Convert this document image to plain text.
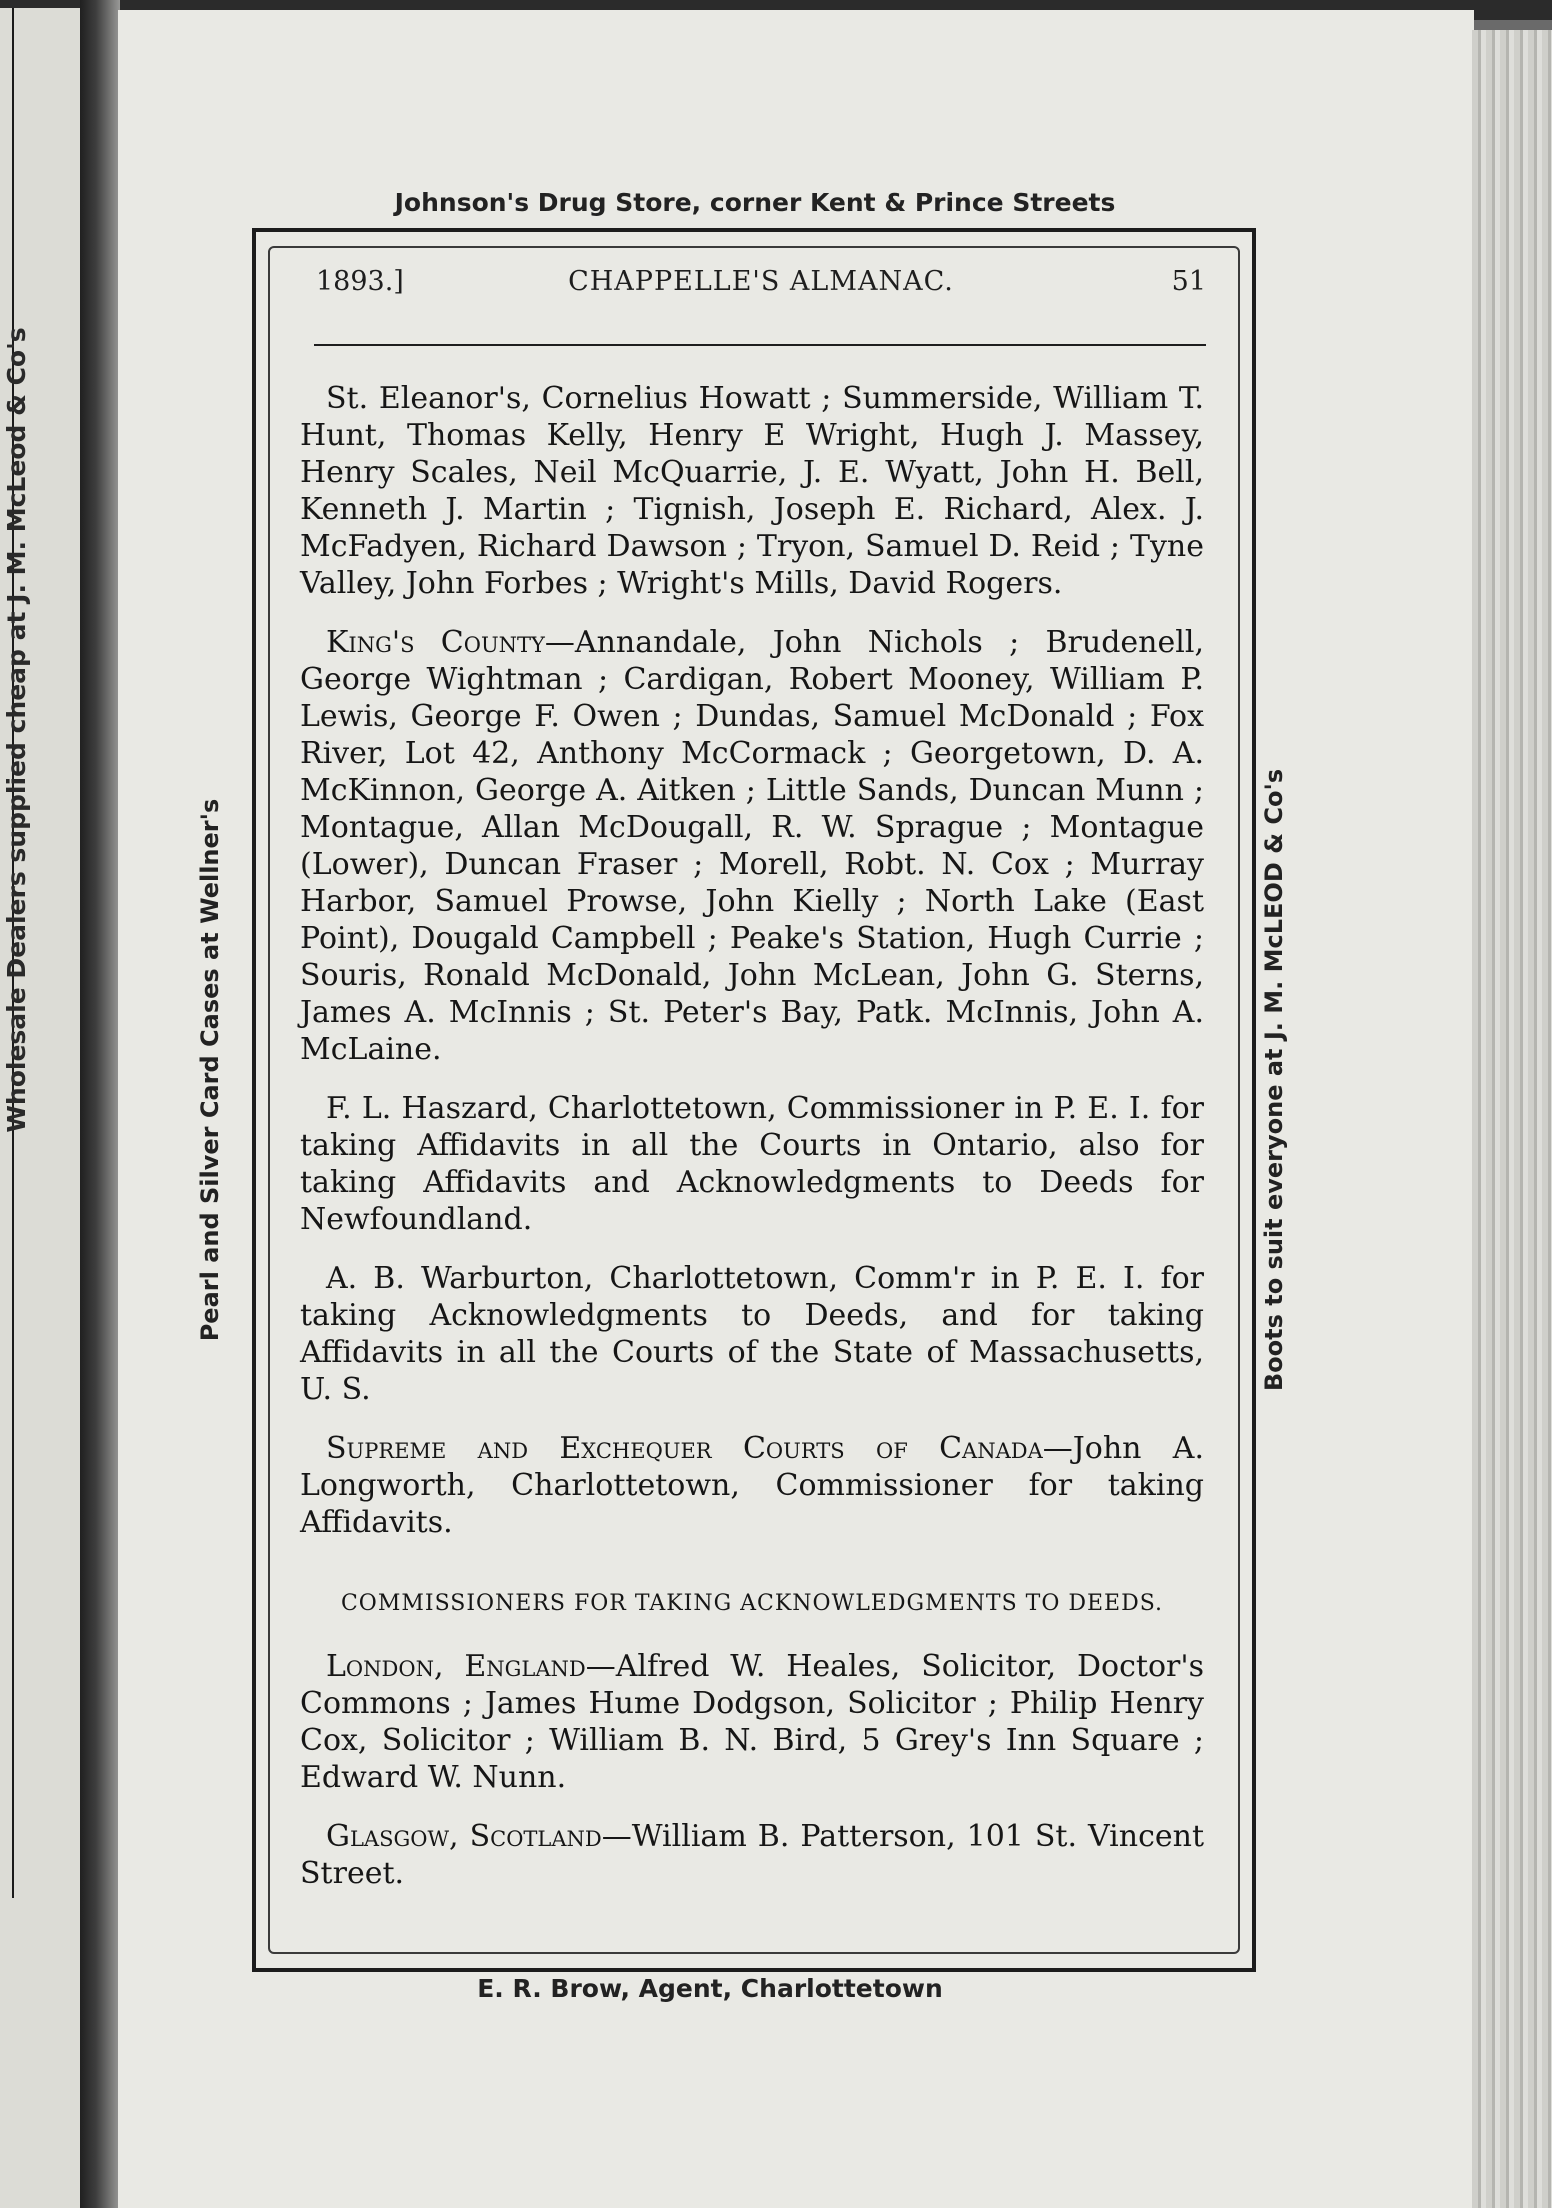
Wholesale Dealers supplied cheap at J. M. McLeod & Co's
Johnson's Drug Store, corner Kent & Prince Streets
Pearl and Silver Card Cases at Wellner's	Boots to suit everyone at J. M. McLEOD & Co's
1893.]	CHAPPELLE'S ALMANAC.	51

St. Eleanor's, Cornelius Howatt ; Summerside, William T. Hunt, Thomas Kelly, Henry E Wright, Hugh J. Massey, Henry Scales, Neil McQuarrie, J. E. Wyatt, John H. Bell, Kenneth J. Martin ; Tignish, Joseph E. Richard, Alex. J. McFadyen, Richard Dawson ; Tryon, Samuel D. Reid ; Tyne Valley, John Forbes ; Wright's Mills, David Rogers.

King's County—Annandale, John Nichols ; Brudenell, George Wightman ; Cardigan, Robert Mooney, William P. Lewis, George F. Owen ; Dundas, Samuel McDonald ; Fox River, Lot 42, Anthony McCormack ; Georgetown, D. A. McKinnon, George A. Aitken ; Little Sands, Duncan Munn ; Montague, Allan McDougall, R. W. Sprague ; Montague (Lower), Duncan Fraser ; Morell, Robt. N. Cox ; Murray Harbor, Samuel Prowse, John Kielly ; North Lake (East Point), Dougald Campbell ; Peake's Station, Hugh Currie ; Souris, Ronald McDonald, John McLean, John G. Sterns, James A. McInnis ; St. Peter's Bay, Patk. McInnis, John A. McLaine.

F. L. Haszard, Charlottetown, Commissioner in P. E. I. for taking Affidavits in all the Courts in Ontario, also for taking Affidavits and Acknowledgments to Deeds for Newfoundland.

A. B. Warburton, Charlottetown, Comm'r in P. E. I. for taking Acknowledgments to Deeds, and for taking Affidavits in all the Courts of the State of Massachusetts, U. S.

Supreme and Exchequer Courts of Canada—John A. Longworth, Charlottetown, Commissioner for taking Affidavits.

COMMISSIONERS FOR TAKING ACKNOWLEDGMENTS TO DEEDS.

London, England—Alfred W. Heales, Solicitor, Doctor's Commons ; James Hume Dodgson, Solicitor ; Philip Henry Cox, Solicitor ; William B. N. Bird, 5 Grey's Inn Square ; Edward W. Nunn.

Glasgow, Scotland—William B. Patterson, 101 St. Vincent Street.

E. R. Brow, Agent, Charlottetown
